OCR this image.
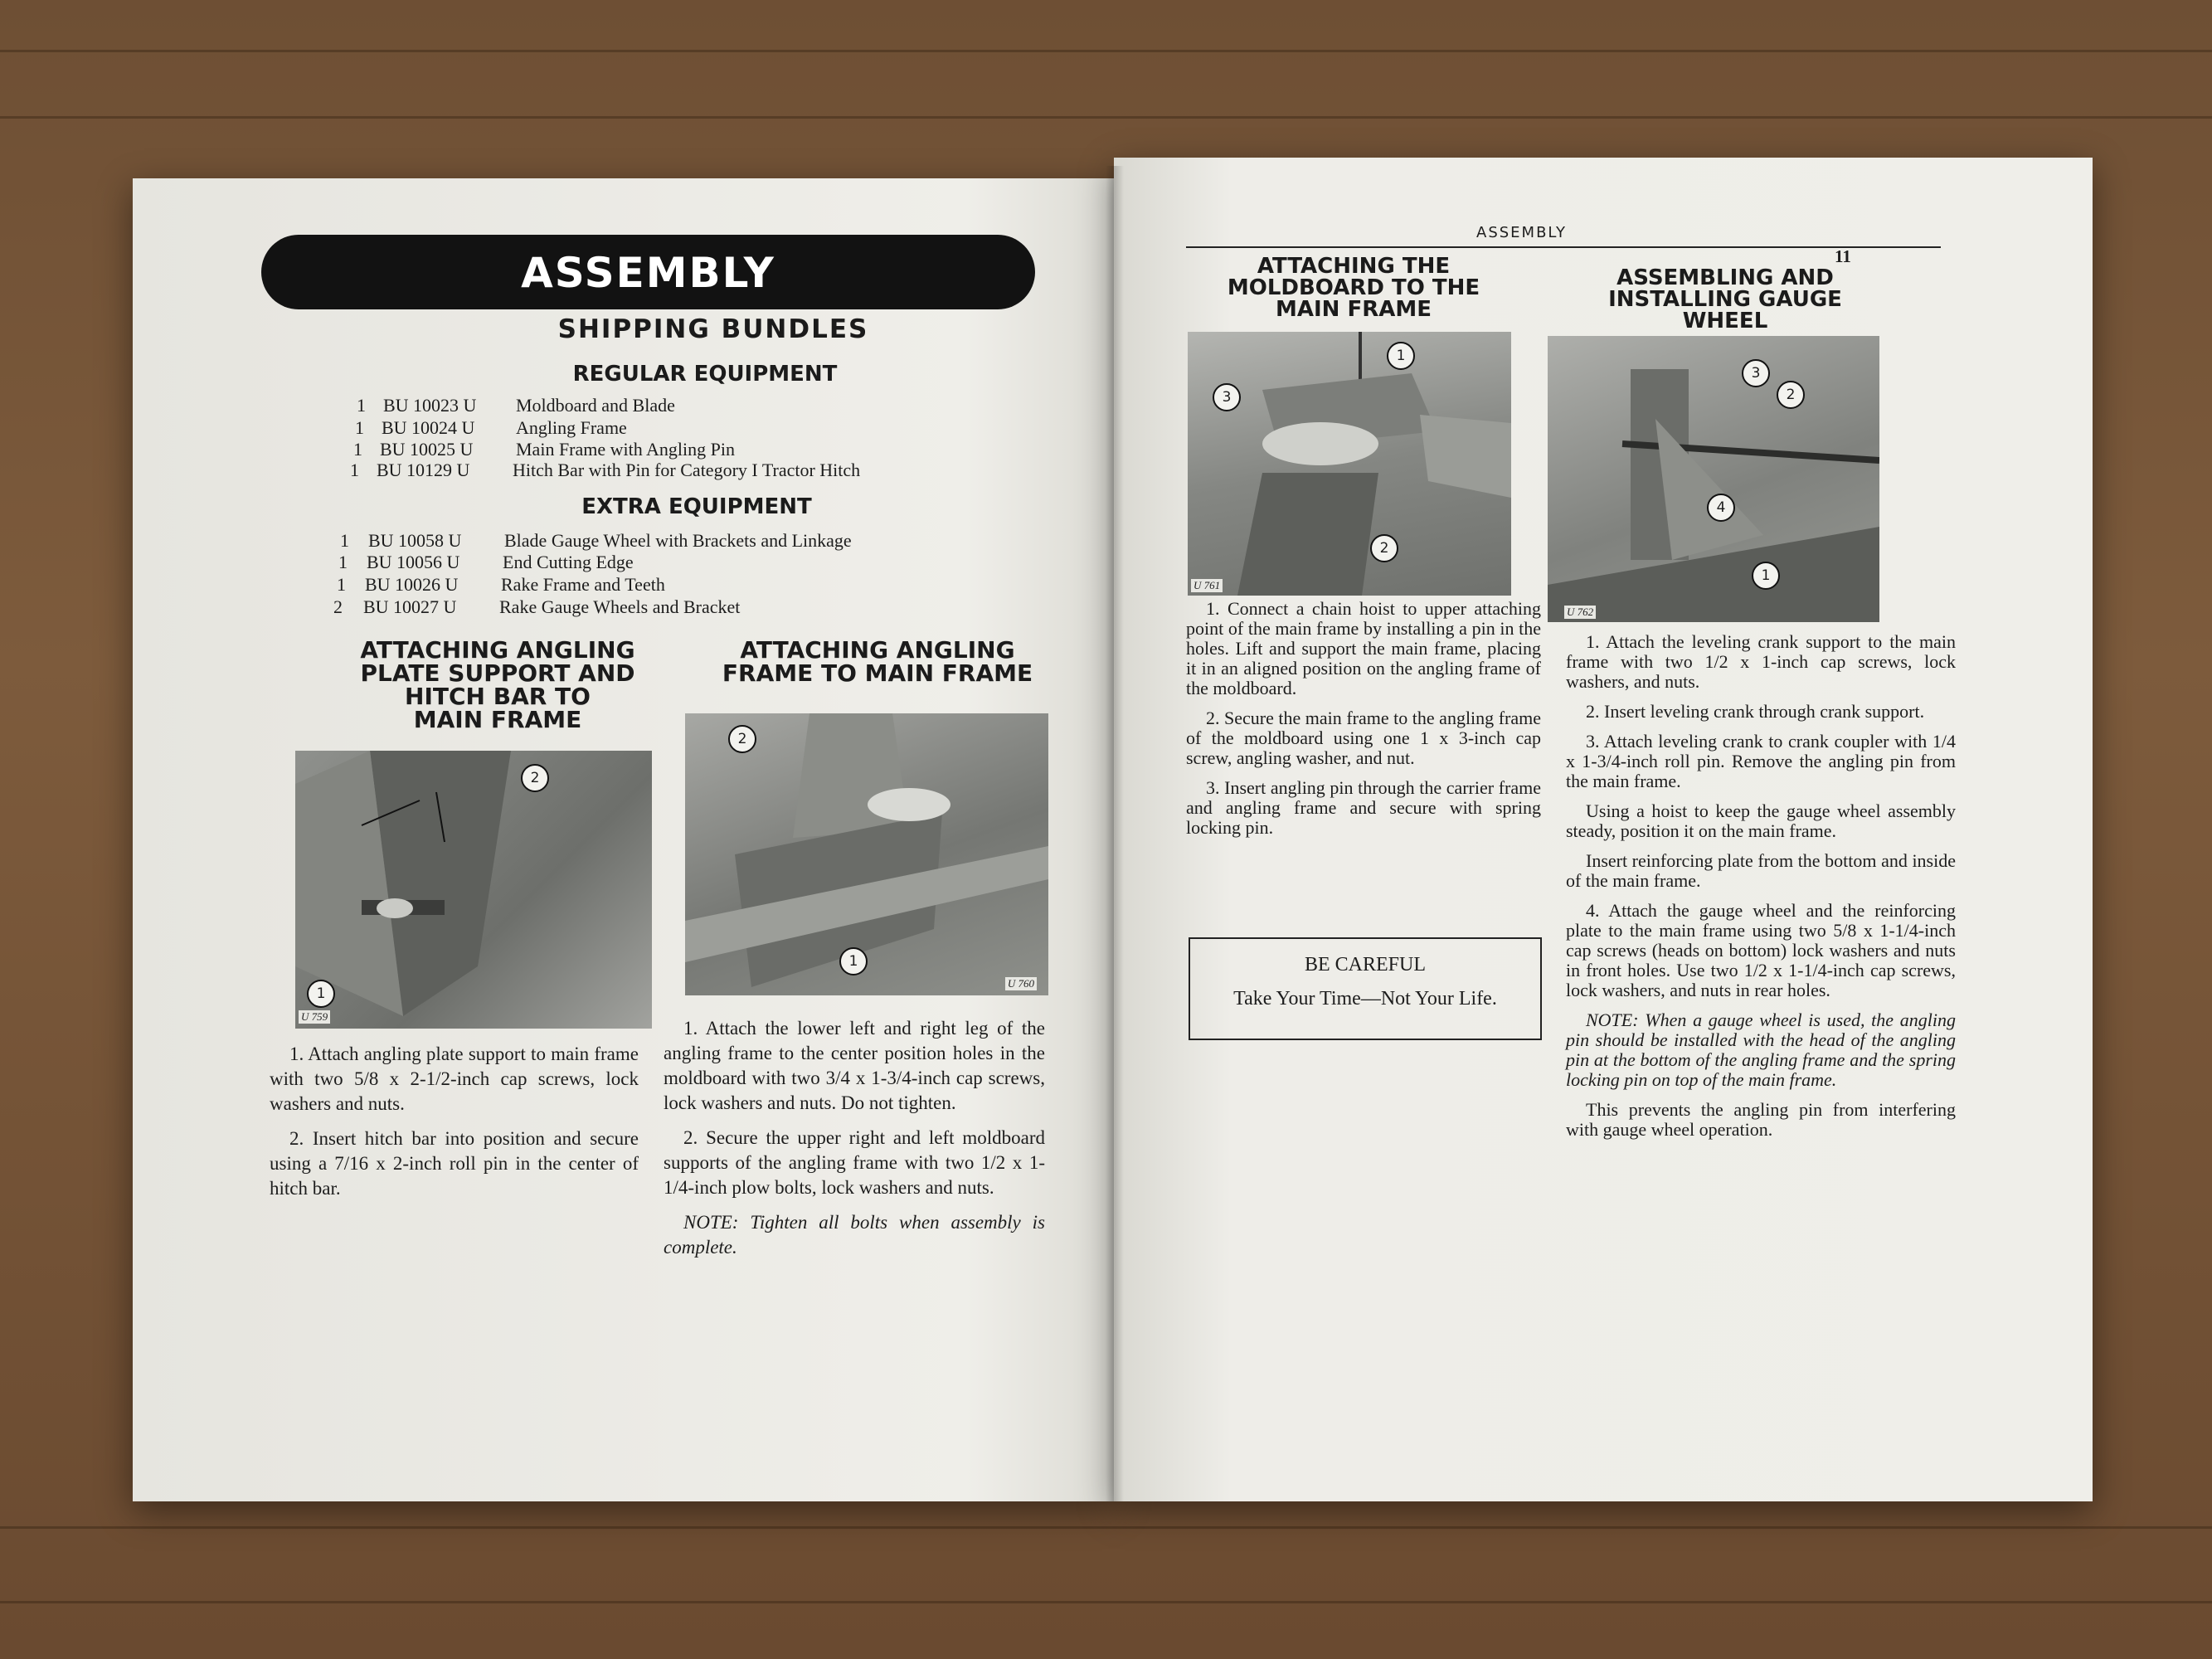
ASSEMBLY
SHIPPING BUNDLES
REGULAR EQUIPMENT
1 BU 10023 U Moldboard and Blade
1 BU 10024 U Angling Frame
1 BU 10025 U Main Frame with Angling Pin
1 BU 10129 U Hitch Bar with Pin for Category I Tractor Hitch
EXTRA EQUIPMENT
1 BU 10058 U Blade Gauge Wheel with Brackets and Linkage
1 BU 10056 U End Cutting Edge
1 BU 10026 U Rake Frame and Teeth
2 BU 10027 U Rake Gauge Wheels and Bracket
ATTACHING ANGLING
PLATE SUPPORT AND
HITCH BAR TO
MAIN FRAME
U 759
2
1

1. Attach angling plate support to main frame with two 5/8 x 2-1/2-inch cap screws, lock washers and nuts.

2. Insert hitch bar into position and secure using a 7/16 x 2-inch roll pin in the center of hitch bar.

ATTACHING ANGLING
FRAME TO MAIN FRAME
2
1
U 760

1. Attach the lower left and right leg of the angling frame to the center position holes in the moldboard with two 3/4 x 1-3/4-inch cap screws, lock washers and nuts. Do not tighten.

2. Secure the upper right and left moldboard supports of the angling frame with two 1/2 x 1-1/4-inch plow bolts, lock washers and nuts.

NOTE: Tighten all bolts when assembly is complete.

ASSEMBLY
11
ATTACHING THE
MOLDBOARD TO THE
MAIN FRAME
ASSEMBLING AND
INSTALLING GAUGE
WHEEL
1
3
2
U 761
3
2
4
1
U 762

1. Connect a chain hoist to upper attaching point of the main frame by installing a pin in the holes. Lift and support the main frame, placing it in an aligned position on the angling frame of the moldboard.

2. Secure the main frame to the angling frame of the moldboard using one 1 x 3-inch cap screw, angling washer, and nut.

3. Insert angling pin through the carrier frame and angling frame and secure with spring locking pin.

BE CAREFUL
Take Your Time—Not Your Life.

1. Attach the leveling crank support to the main frame with two 1/2 x 1-inch cap screws, lock washers, and nuts.

2. Insert leveling crank through crank support.

3. Attach leveling crank to crank coupler with 1/4 x 1-3/4-inch roll pin. Remove the angling pin from the main frame.

Using a hoist to keep the gauge wheel assembly steady, position it on the main frame.

Insert reinforcing plate from the bottom and inside of the main frame.

4. Attach the gauge wheel and the reinforcing plate to the main frame using two 5/8 x 1-1/4-inch cap screws (heads on bottom) lock washers and nuts in front holes. Use two 1/2 x 1-1/4-inch cap screws, lock washers, and nuts in rear holes.

NOTE: When a gauge wheel is used, the angling pin should be installed with the head of the angling pin at the bottom of the angling frame and the spring locking pin on top of the main frame.

This prevents the angling pin from interfering with gauge wheel operation.
